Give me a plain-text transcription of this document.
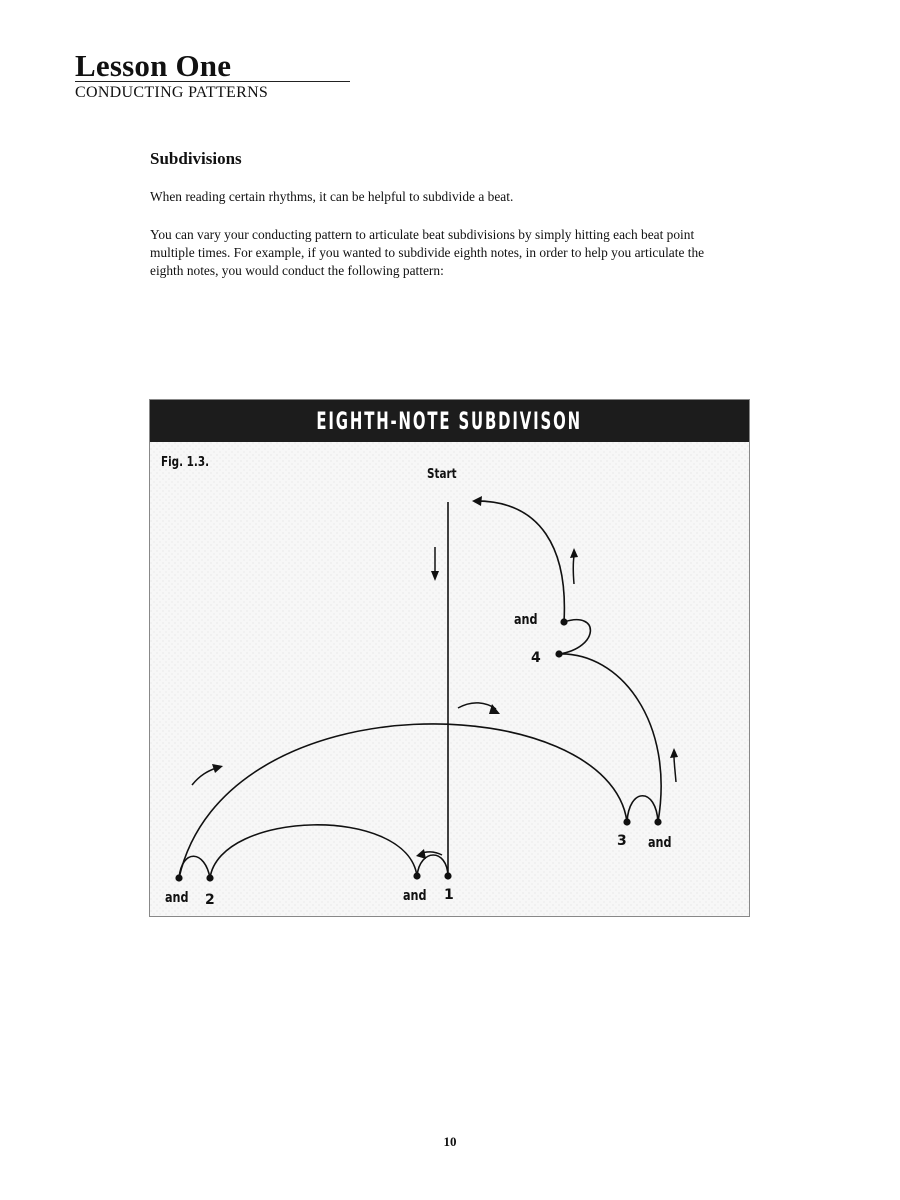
Lesson One
CONDUCTING PATTERNS
Subdivisions

When reading certain rhythms, it can be helpful to subdivide a beat.

You can vary your conducting pattern to articulate beat subdivisions by simply hitting each beat point multiple times. For example, if you wanted to subdivide eighth notes, in order to help you articulate the eighth notes, you would conduct the following pattern:

EIGHTH-NOTE SUBDIVISON
Fig. 1.3.
Start
1
and
2
and
3 and
4
and
10
